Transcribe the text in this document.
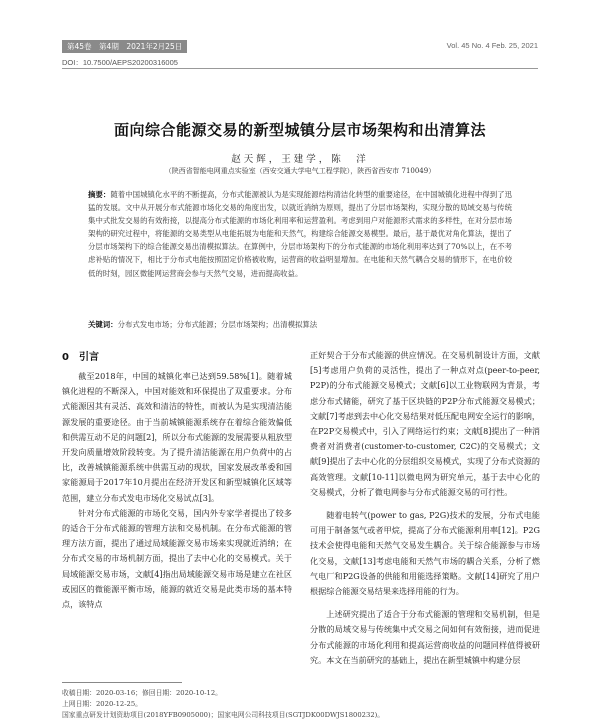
第45卷　第4期　2021年2月25日
DOI：10.7500/AEPS20200316005
Vol. 45 No. 4 Feb. 25, 2021
面向综合能源交易的新型城镇分层市场架构和出清算法
赵天辉，王建学，陈　洋
（陕西省智能电网重点实验室（西安交通大学电气工程学院），陕西省西安市 710049）
摘要：随着中国城镇化水平的不断提高，分布式能源被认为是实现能源结构清洁化转型的重要途径，在中国城镇化进程中得到了迅猛的发展。文中从开展分布式能源市场化交易的角度出发，以就近消纳为原则，提出了分层市场架构，实现分散的局域交易与传统集中式批发交易的有效衔接，以提高分布式能源的市场化利用率和运营盈利。考虑到用户对能源形式需求的多样性，在对分层市场架构的研究过程中，将能源的交易类型从电能拓展为电能和天然气，构建综合能源交易模型。最后，基于最优对角化算法，提出了分层市场架构下的综合能源交易出清模拟算法。在算例中，分层市场架构下的分布式能源的市场化利用率达到了70%以上，在不考虑补贴的情况下，相比于分布式电能按照固定价格被收购，运营商的收益明显增加。在电能和天然气耦合交易的情形下，在电价较低的时刻，园区微能网运营商会参与天然气交易，进而提高收益。
关键词：分布式发电市场；分布式能源；分层市场架构；出清模拟算法
0　引言

截至2018年，中国的城镇化率已达到59.58%[1]。随着城镇化进程的不断深入，中国对能效和环保提出了双重要求。分布式能源因其有灵活、高效和清洁的特性，而被认为是实现清洁能源发展的重要途径。由于当前城镇能源系统存在着综合能效偏低和供需互动不足的问题[2]，所以分布式能源的发展需要从粗放型开发向质量增效阶段转变。为了提升清洁能源在用户负荷中的占比，改善城镇能源系统中供需互动的现状，国家发展改革委和国家能源局于2017年10月提出在经济开发区和新型城镇化区域等范围，建立分布式发电市场化交易试点[3]。

针对分布式能源的市场化交易，国内外专家学者提出了较多的适合于分布式能源的管理方法和交易机制。在分布式能源的管理方法方面，提出了通过局域能源交易市场来实现就近消纳；在分布式交易的市场机制方面，提出了去中心化的交易模式。关于局域能源交易市场，文献[4]指出局域能源交易市场是建立在社区或园区的微能源平衡市场，能源的就近交易是此类市场的基本特点，该特点

正好契合于分布式能源的供应情况。在交易机制设计方面，文献[5]考虑用户负荷的灵活性，提出了一种点对点(peer-to-peer, P2P)的分布式能源交易模式；文献[6]以工业物联网为背景，考虑分布式储能，研究了基于区块链的P2P分布式能源交易模式；文献[7]考虑到去中心化交易结果对低压配电网安全运行的影响，在P2P交易模式中，引入了网络运行约束；文献[8]提出了一种消费者对消费者(customer-to-customer, C2C)的交易模式；文献[9]提出了去中心化的分层组织交易模式，实现了分布式资源的高效管理。文献[10-11]以微电网为研究单元，基于去中心化的交易模式，分析了微电网参与分布式能源交易的可行性。

随着电转气(power to gas, P2G)技术的发展，分布式电能可用于制备氢气或者甲烷，提高了分布式能源利用率[12]。P2G技术会使得电能和天然气交易发生耦合。关于综合能源参与市场化交易，文献[13]考虑电能和天然气市场的耦合关系，分析了燃气电厂和P2G设备的供能和用能选择策略。文献[14]研究了用户根据综合能源交易结果来选择用能的行为。

上述研究提出了适合于分布式能源的管理和交易机制，但是分散的局域交易与传统集中式交易之间如何有效衔接，进而促进分布式能源的市场化利用和提高运营商收益的问题同样值得被研究。本文在当前研究的基础上，提出在新型城镇中构建分层

收稿日期：2020-03-16；修回日期：2020-10-12。
上网日期：2020-12-25。
国家重点研发计划资助项目(2018YFB0905000)；国家电网公司科技项目(SGTJDK00DWJS1800232)。
